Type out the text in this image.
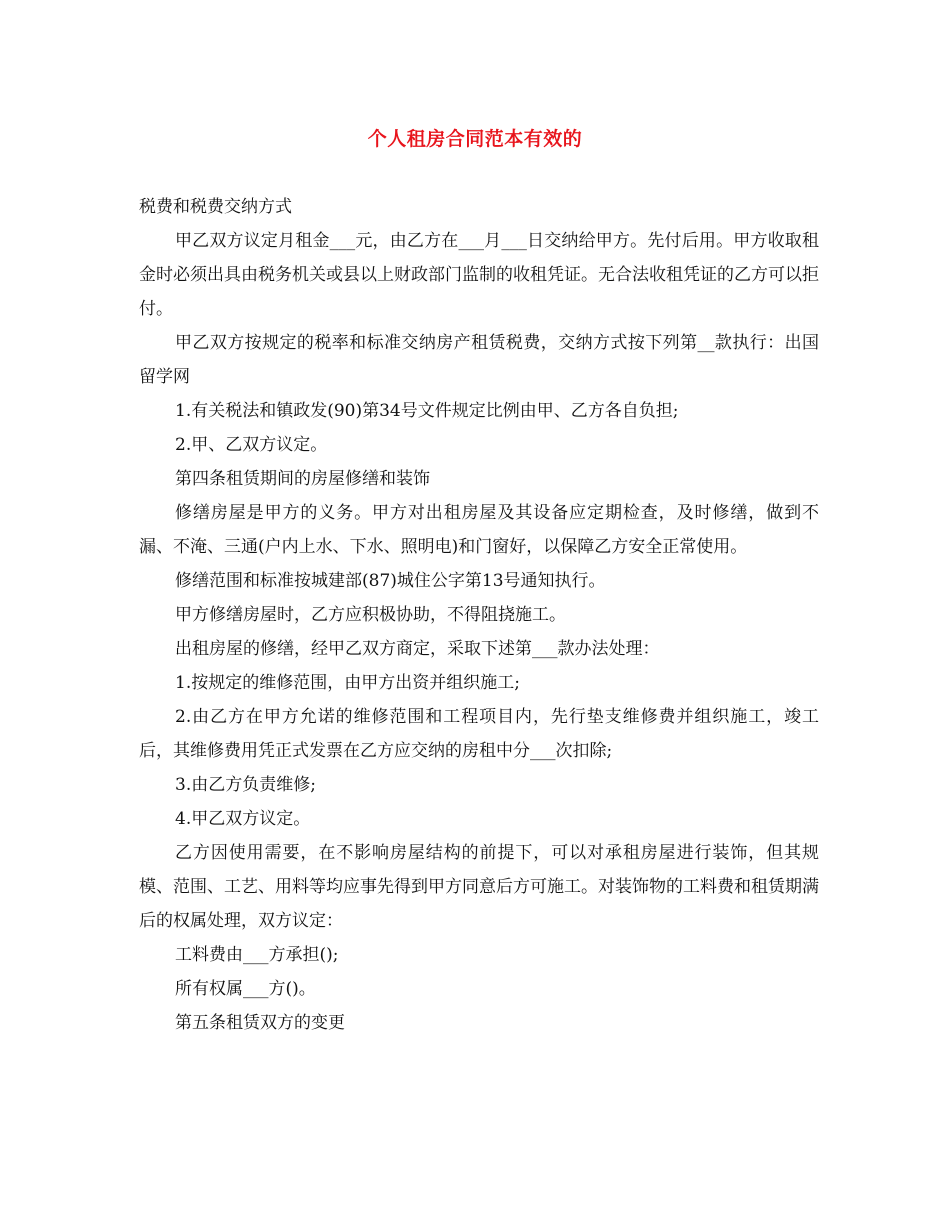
个人租房合同范本有效的

税费和税费交纳方式

甲乙双方议定月租金___元，由乙方在___月___日交纳给甲方。先付后用。甲方收取租金时必须出具由税务机关或县以上财政部门监制的收租凭证。无合法收租凭证的乙方可以拒付。

甲乙双方按规定的税率和标准交纳房产租赁税费，交纳方式按下列第__款执行：出国留学网

1.有关税法和镇政发(90)第34号文件规定比例由甲、乙方各自负担;

2.甲、乙双方议定。

第四条租赁期间的房屋修缮和装饰

修缮房屋是甲方的义务。甲方对出租房屋及其设备应定期检查，及时修缮，做到不漏、不淹、三通(户内上水、下水、照明电)和门窗好，以保障乙方安全正常使用。

修缮范围和标准按城建部(87)城住公字第13号通知执行。

甲方修缮房屋时，乙方应积极协助，不得阻挠施工。

出租房屋的修缮，经甲乙双方商定，采取下述第___款办法处理：

1.按规定的维修范围，由甲方出资并组织施工;

2.由乙方在甲方允诺的维修范围和工程项目内，先行垫支维修费并组织施工，竣工后，其维修费用凭正式发票在乙方应交纳的房租中分___次扣除;

3.由乙方负责维修;

4.甲乙双方议定。

乙方因使用需要，在不影响房屋结构的前提下，可以对承租房屋进行装饰，但其规模、范围、工艺、用料等均应事先得到甲方同意后方可施工。对装饰物的工料费和租赁期满后的权属处理，双方议定：

工料费由___方承担();

所有权属___方()。

第五条租赁双方的变更
